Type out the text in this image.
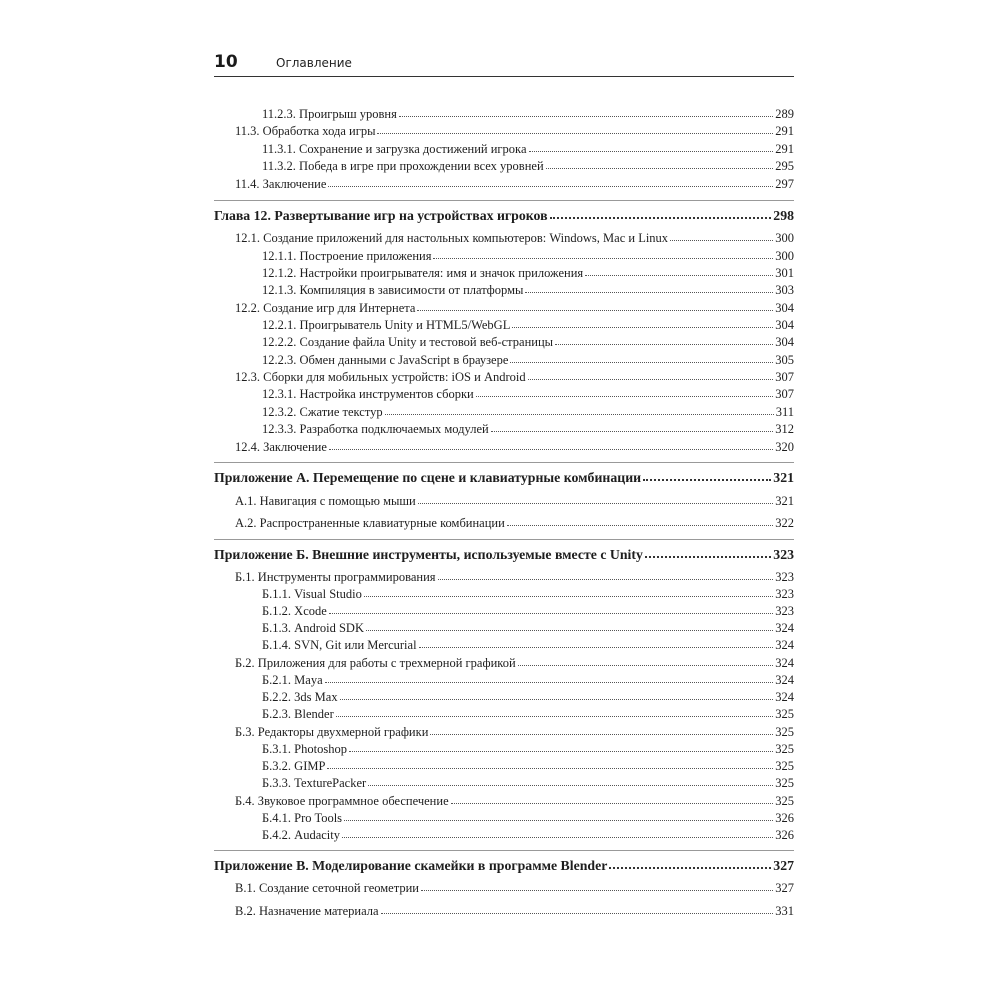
10	Оглавление
11.2.3. Проигрыш уровня	289
11.3. Обработка хода игры	291
11.3.1. Сохранение и загрузка достижений игрока	291
11.3.2. Победа в игре при прохождении всех уровней	295
11.4. Заключение	297
Глава 12. Развертывание игр на устройствах игроков	298
12.1. Создание приложений для настольных компьютеров: Windows, Mac и Linux	300
12.1.1. Построение приложения	300
12.1.2. Настройки проигрывателя: имя и значок приложения	301
12.1.3. Компиляция в зависимости от платформы	303
12.2. Создание игр для Интернета	304
12.2.1. Проигрыватель Unity и HTML5/WebGL	304
12.2.2. Создание файла Unity и тестовой веб-страницы	304
12.2.3. Обмен данными с JavaScript в браузере	305
12.3. Сборки для мобильных устройств: iOS и Android	307
12.3.1. Настройка инструментов сборки	307
12.3.2. Сжатие текстур	311
12.3.3. Разработка подключаемых модулей	312
12.4. Заключение	320
Приложение А. Перемещение по сцене и клавиатурные комбинации	321
А.1. Навигация с помощью мыши	321
А.2. Распространенные клавиатурные комбинации	322
Приложение Б. Внешние инструменты, используемые вместе с Unity	323
Б.1. Инструменты программирования	323
Б.1.1. Visual Studio	323
Б.1.2. Xcode	323
Б.1.3. Android SDK	324
Б.1.4. SVN, Git или Mercurial	324
Б.2. Приложения для работы с трехмерной графикой	324
Б.2.1. Maya	324
Б.2.2. 3ds Max	324
Б.2.3. Blender	325
Б.3. Редакторы двухмерной графики	325
Б.3.1. Photoshop	325
Б.3.2. GIMP	325
Б.3.3. TexturePacker	325
Б.4. Звуковое программное обеспечение	325
Б.4.1. Pro Tools	326
Б.4.2. Audacity	326
Приложение В. Моделирование скамейки в программе Blender	327
В.1. Создание сеточной геометрии	327
В.2. Назначение материала	331
